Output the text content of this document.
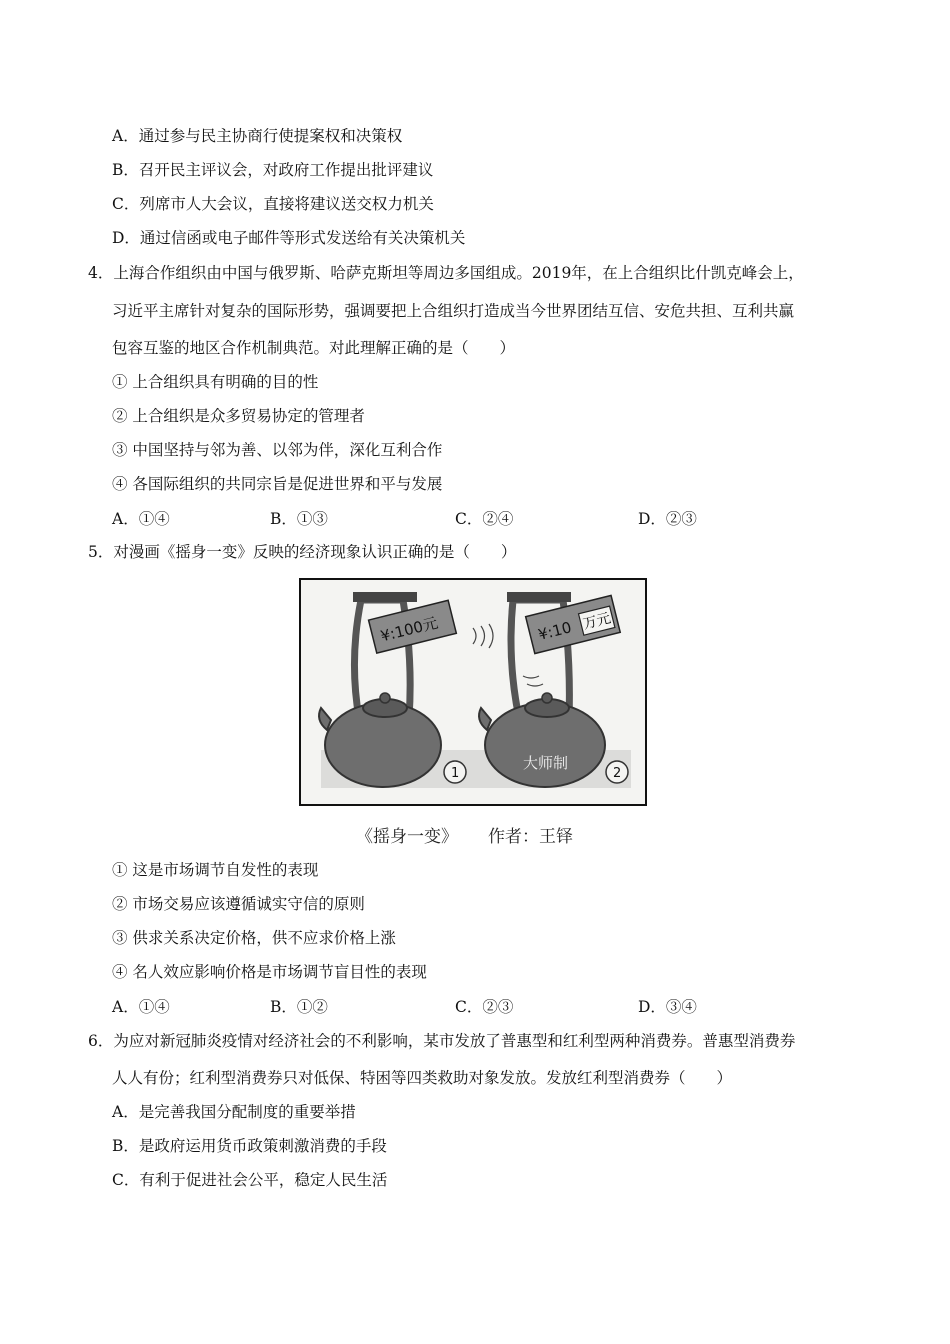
A．通过参与民主协商行使提案权和决策权
B．召开民主评议会，对政府工作提出批评建议
C．列席市人大会议，直接将建议送交权力机关
D．通过信函或电子邮件等形式发送给有关决策机关
4．上海合作组织由中国与俄罗斯、哈萨克斯坦等周边多国组成。2019年，在上合组织比什凯克峰会上，
习近平主席针对复杂的国际形势，强调要把上合组织打造成当今世界团结互信、安危共担、互利共赢
包容互鉴的地区合作机制典范。对此理解正确的是（　　）
① 上合组织具有明确的目的性
② 上合组织是众多贸易协定的管理者
③ 中国坚持与邻为善、以邻为伴，深化互利合作
④ 各国际组织的共同宗旨是促进世界和平与发展
A．①④	B．①③	C．②④	D．②③
5．对漫画《摇身一变》反映的经济现象认识正确的是（　　）
¥:100元
1
¥:10 万元
大师制
2
《摇身一变》 作者：王铎
① 这是市场调节自发性的表现
② 市场交易应该遵循诚实守信的原则
③ 供求关系决定价格，供不应求价格上涨
④ 名人效应影响价格是市场调节盲目性的表现
A．①④	B．①②	C．②③	D．③④
6．为应对新冠肺炎疫情对经济社会的不利影响，某市发放了普惠型和红利型两种消费券。普惠型消费券
人人有份；红利型消费券只对低保、特困等四类救助对象发放。发放红利型消费券（　　）
A．是完善我国分配制度的重要举措
B．是政府运用货币政策刺激消费的手段
C．有利于促进社会公平，稳定人民生活
